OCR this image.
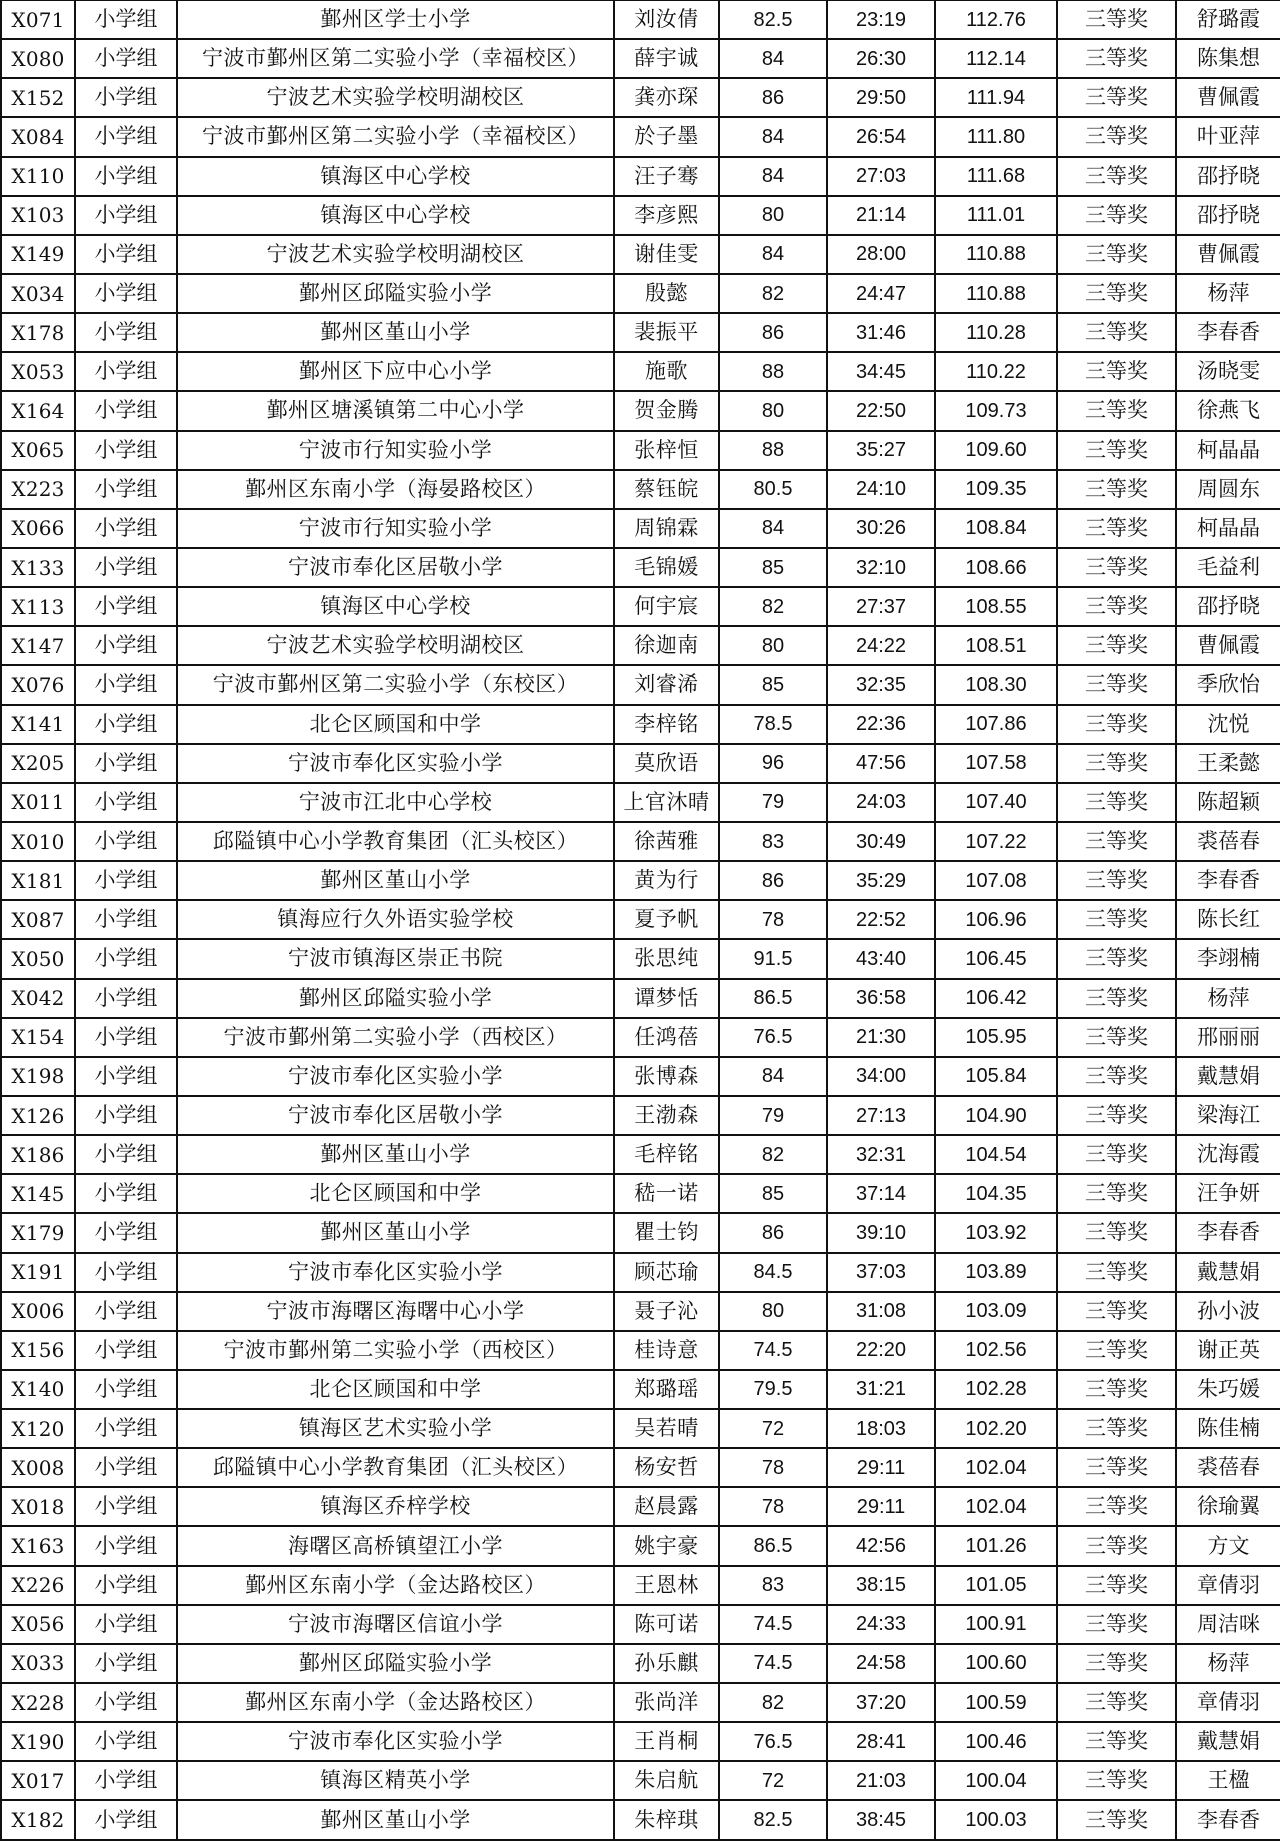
X071	小学组	鄞州区学士小学	刘汝倩	82.5	23:19	112.76	三等奖	舒璐霞
X080	小学组	宁波市鄞州区第二实验小学（幸福校区）	薛宇诚	84	26:30	112.14	三等奖	陈集想
X152	小学组	宁波艺术实验学校明湖校区	龚亦琛	86	29:50	111.94	三等奖	曹佩霞
X084	小学组	宁波市鄞州区第二实验小学（幸福校区）	於子墨	84	26:54	111.80	三等奖	叶亚萍
X110	小学组	镇海区中心学校	汪子骞	84	27:03	111.68	三等奖	邵抒晓
X103	小学组	镇海区中心学校	李彦熙	80	21:14	111.01	三等奖	邵抒晓
X149	小学组	宁波艺术实验学校明湖校区	谢佳雯	84	28:00	110.88	三等奖	曹佩霞
X034	小学组	鄞州区邱隘实验小学	殷懿	82	24:47	110.88	三等奖	杨萍
X178	小学组	鄞州区堇山小学	裴振平	86	31:46	110.28	三等奖	李春香
X053	小学组	鄞州区下应中心小学	施歌	88	34:45	110.22	三等奖	汤晓雯
X164	小学组	鄞州区塘溪镇第二中心小学	贺金腾	80	22:50	109.73	三等奖	徐燕飞
X065	小学组	宁波市行知实验小学	张梓恒	88	35:27	109.60	三等奖	柯晶晶
X223	小学组	鄞州区东南小学（海晏路校区）	蔡钰皖	80.5	24:10	109.35	三等奖	周圆东
X066	小学组	宁波市行知实验小学	周锦霖	84	30:26	108.84	三等奖	柯晶晶
X133	小学组	宁波市奉化区居敬小学	毛锦媛	85	32:10	108.66	三等奖	毛益利
X113	小学组	镇海区中心学校	何宇宸	82	27:37	108.55	三等奖	邵抒晓
X147	小学组	宁波艺术实验学校明湖校区	徐迦南	80	24:22	108.51	三等奖	曹佩霞
X076	小学组	宁波市鄞州区第二实验小学（东校区）	刘睿浠	85	32:35	108.30	三等奖	季欣怡
X141	小学组	北仑区顾国和中学	李梓铭	78.5	22:36	107.86	三等奖	沈悦
X205	小学组	宁波市奉化区实验小学	莫欣语	96	47:56	107.58	三等奖	王柔懿
X011	小学组	宁波市江北中心学校	上官沐晴	79	24:03	107.40	三等奖	陈超颖
X010	小学组	邱隘镇中心小学教育集团（汇头校区）	徐茜雅	83	30:49	107.22	三等奖	裘蓓春
X181	小学组	鄞州区堇山小学	黄为行	86	35:29	107.08	三等奖	李春香
X087	小学组	镇海应行久外语实验学校	夏予帆	78	22:52	106.96	三等奖	陈长红
X050	小学组	宁波市镇海区崇正书院	张思纯	91.5	43:40	106.45	三等奖	李翊楠
X042	小学组	鄞州区邱隘实验小学	谭梦恬	86.5	36:58	106.42	三等奖	杨萍
X154	小学组	宁波市鄞州第二实验小学（西校区）	任鸿蓓	76.5	21:30	105.95	三等奖	邢丽丽
X198	小学组	宁波市奉化区实验小学	张博森	84	34:00	105.84	三等奖	戴慧娟
X126	小学组	宁波市奉化区居敬小学	王渤森	79	27:13	104.90	三等奖	梁海江
X186	小学组	鄞州区堇山小学	毛梓铭	82	32:31	104.54	三等奖	沈海霞
X145	小学组	北仑区顾国和中学	嵇一诺	85	37:14	104.35	三等奖	汪争妍
X179	小学组	鄞州区堇山小学	瞿士钧	86	39:10	103.92	三等奖	李春香
X191	小学组	宁波市奉化区实验小学	顾芯瑜	84.5	37:03	103.89	三等奖	戴慧娟
X006	小学组	宁波市海曙区海曙中心小学	聂子沁	80	31:08	103.09	三等奖	孙小波
X156	小学组	宁波市鄞州第二实验小学（西校区）	桂诗意	74.5	22:20	102.56	三等奖	谢正英
X140	小学组	北仑区顾国和中学	郑璐瑶	79.5	31:21	102.28	三等奖	朱巧媛
X120	小学组	镇海区艺术实验小学	吴若晴	72	18:03	102.20	三等奖	陈佳楠
X008	小学组	邱隘镇中心小学教育集团（汇头校区）	杨安哲	78	29:11	102.04	三等奖	裘蓓春
X018	小学组	镇海区乔梓学校	赵晨露	78	29:11	102.04	三等奖	徐瑜翼
X163	小学组	海曙区高桥镇望江小学	姚宇豪	86.5	42:56	101.26	三等奖	方文
X226	小学组	鄞州区东南小学（金达路校区）	王恩林	83	38:15	101.05	三等奖	章倩羽
X056	小学组	宁波市海曙区信谊小学	陈可诺	74.5	24:33	100.91	三等奖	周洁咪
X033	小学组	鄞州区邱隘实验小学	孙乐麒	74.5	24:58	100.60	三等奖	杨萍
X228	小学组	鄞州区东南小学（金达路校区）	张尚洋	82	37:20	100.59	三等奖	章倩羽
X190	小学组	宁波市奉化区实验小学	王肖桐	76.5	28:41	100.46	三等奖	戴慧娟
X017	小学组	镇海区精英小学	朱启航	72	21:03	100.04	三等奖	王楹
X182	小学组	鄞州区堇山小学	朱梓琪	82.5	38:45	100.03	三等奖	李春香
